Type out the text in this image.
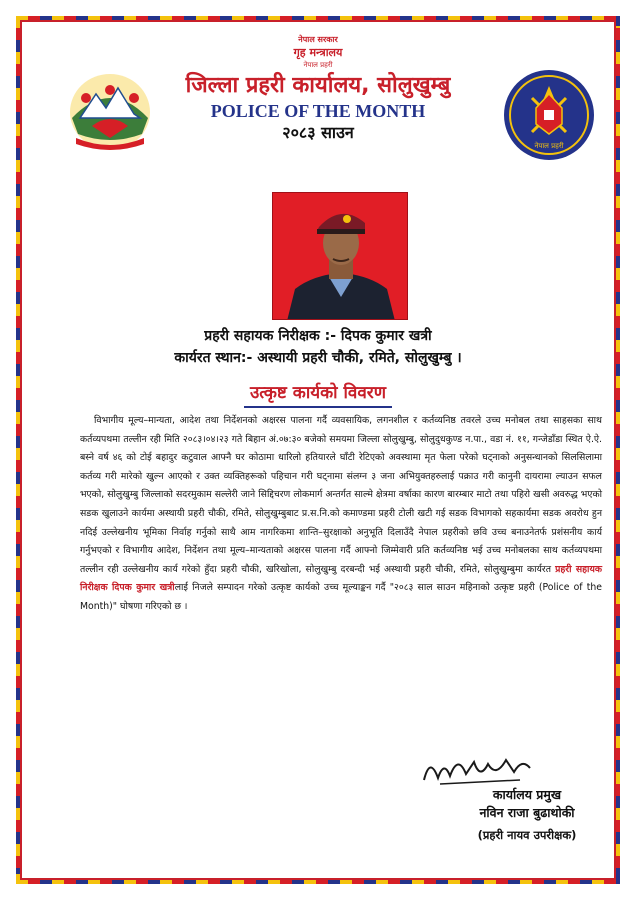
नेपाल सरकार
गृह मन्त्रालय
नेपाल प्रहरी
जिल्ला प्रहरी कार्यालय, सोलुखुम्बु
POLICE OF THE MONTH
२०८३ साउन
नेपाल प्रहरी
प्रहरी सहायक निरीक्षक :- दिपक कुमार खत्री
कार्यरत स्थान:- अस्थायी प्रहरी चौकी, रमिते, सोलुखुम्बु ।
उत्कृष्ट कार्यको विवरण
विभागीय मूल्य–मान्यता, आदेश तथा निर्देशनको अक्षरस पालना गर्दै व्यवसायिक, लगनशील र कर्तव्यनिष्ठ तवरले उच्च मनोबल तथा साहसका साथ कर्तव्यपथमा तल्लीन रही मिति २०८३।०४।२३ गते बिहान अं.०७:३० बजेको समयमा जिल्ला सोलुखुम्बु, सोलुदुधकुण्ड न.पा., वडा नं. ११, गन्जेडाँडा स्थित ऐ.ऐ. बस्ने वर्ष ४६ को टोई बहादुर कटुवाल आफ्नै घर कोठामा धारिलो हतियारले घाँटी रेटिएको अवस्थामा मृत फेला परेको घट्नाको अनुसन्धानको सिलसिलामा कर्तव्य गरी मारेको खुल्न आएको र उक्त व्यक्तिहरूको पहिचान गरी घट्नामा संलग्न ३ जना अभियुक्तहरुलाई पक्राउ गरी कानुनी दायरामा ल्याउन सफल भएको, सोलुखुम्बु जिल्लाको सदरमुकाम सल्लेरी जाने सिद्दिचरण लोकमार्ग अन्तर्गत साल्मे क्षेत्रमा वर्षाका कारण बारम्बार माटो तथा पहिरो खसी अवरुद्ध भएको सडक खुलाउने कार्यमा अस्थायी प्रहरी चौकी, रमिते, सोलुखुम्बुबाट प्र.स.नि.को कमाण्डमा प्रहरी टोली खटी गई सडक विभागको सहकार्यमा सडक अवरोध हुन नदिई उल्लेखनीय भूमिका निर्वाह गर्नुको साथै आम नागरिकमा शान्ति–सुरक्षाको अनुभूति दिलाउँदै नेपाल प्रहरीको छवि उच्च बनाउनेतर्फ प्रशंसनीय कार्य गर्नुभएको र विभागीय आदेश, निर्देशन तथा मूल्य–मान्यताको अक्षरस पालना गर्दै आफ्नो जिम्मेवारी प्रति कर्तव्यनिष्ठ भई उच्च मनोबलका साथ कर्तव्यपथमा तल्लीन रही उल्लेखनीय कार्य गरेको हुँदा प्रहरी चौकी, खरिखोला, सोलुखुम्बु दरबन्दी भई अस्थायी प्रहरी चौकी, रमिते, सोलुखुम्बुमा कार्यरत प्रहरी सहायक निरीक्षक दिपक कुमार खत्रीलाई निजले सम्पादन गरेको उत्कृष्ट कार्यको उच्च मूल्याङ्कन गर्दै "२०८३ साल साउन महिनाको उत्कृष्ट प्रहरी (Police of the Month)" घोषणा गरिएको छ ।
कार्यालय प्रमुख
नविन राजा बुढाथोकी
(प्रहरी नायव उपरीक्षक)
